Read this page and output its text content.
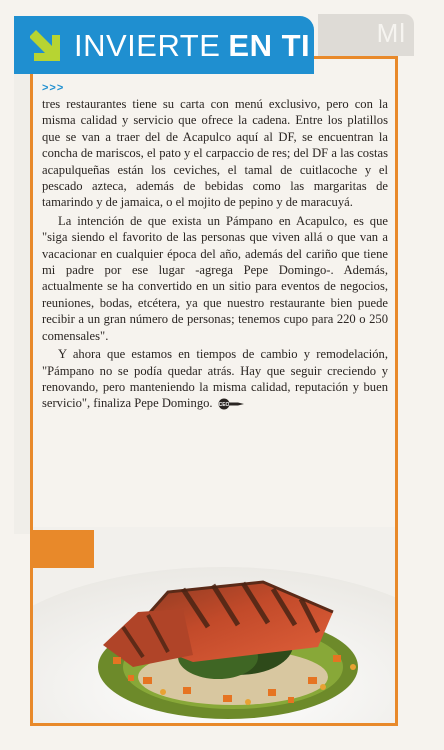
Ml
INVIERTE EN TI
>>>

tres restaurantes tiene su carta con menú exclusivo, pero con la misma calidad y servicio que ofrece la cadena. Entre los platillos que se van a traer del de Acapulco aquí al DF, se encuentran la concha de mariscos, el pato y el carpaccio de res; del DF a las costas acapulqueñas están los ceviches, el tamal de cuitlacoche y el pescado azteca, además de bebidas como las margaritas de tamarindo y de jamaica, o el mojito de pepino y de maracuyá.

La intención de que exista un Pámpano en Acapulco, es que "siga siendo el favorito de las personas que viven allá o que van a vacacionar en cualquier época del año, además del cariño que tiene mi padre por ese lugar -agrega Pepe Domingo-. Además, actualmente se ha convertido en un sitio para eventos de negocios, reuniones, bodas, etcétera, ya que nuestro restaurante bien puede recibir a un gran número de personas; tenemos cupo para 220 o 250 comensales".

Y ahora que estamos en tiempos de cambio y remodelación, "Pámpano no se podía quedar atrás. Hay que seguir creciendo y renovando, pero manteniendo la misma calidad, reputación y buen servicio", finaliza Pepe Domingo. CEO
